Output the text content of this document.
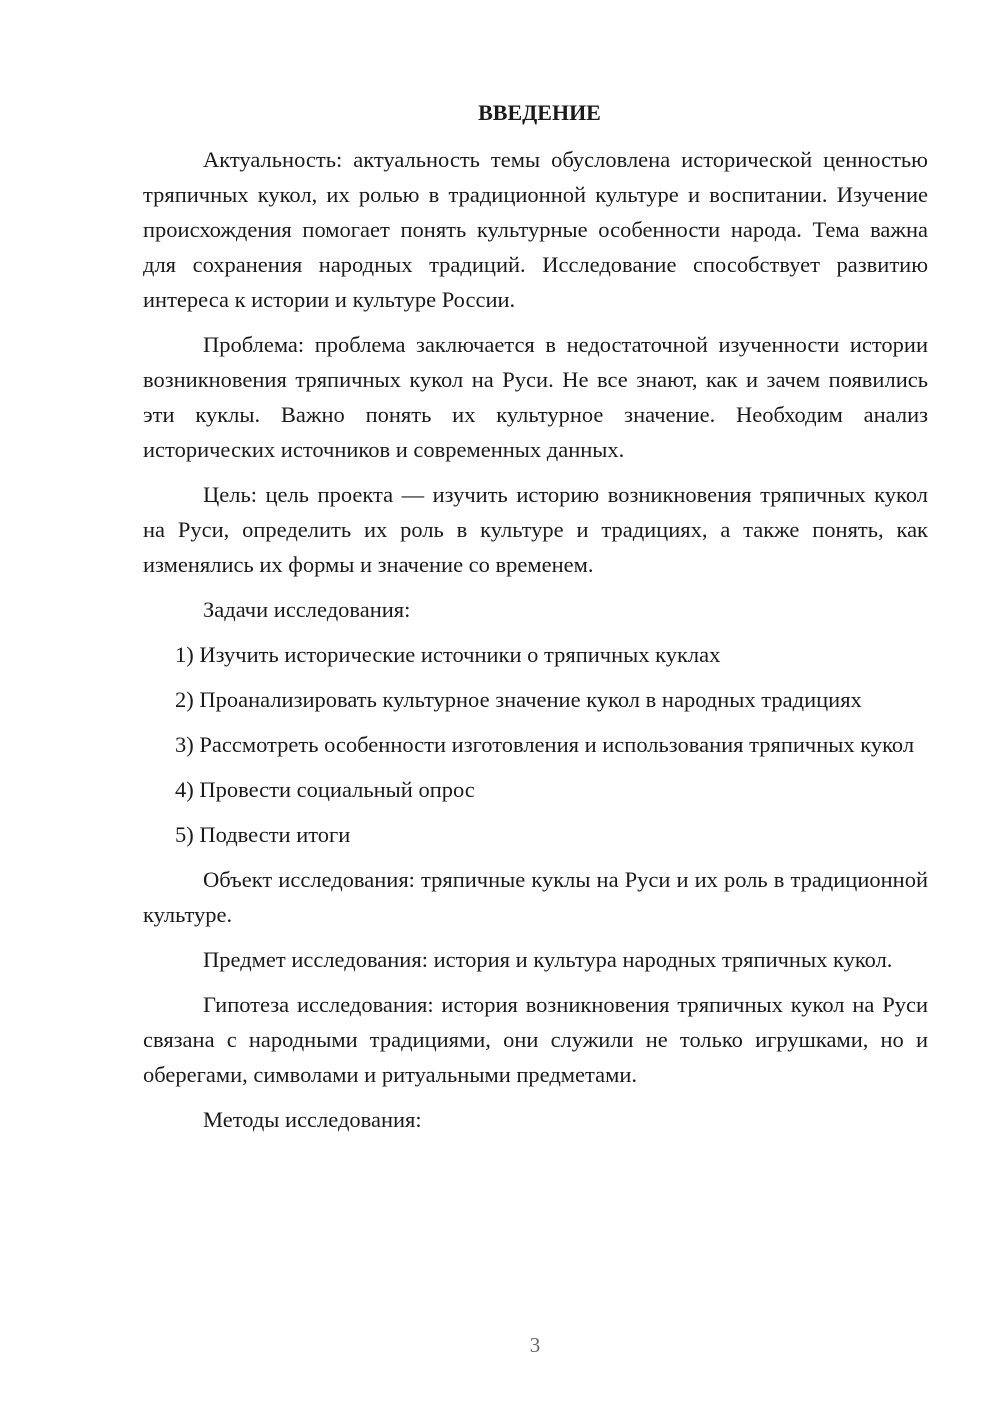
ВВЕДЕНИЕ

Актуальность: актуальность темы обусловлена исторической ценностью тряпичных кукол, их ролью в традиционной культуре и воспитании. Изучение происхождения помогает понять культурные особенности народа. Тема важна для сохранения народных традиций. Исследование способствует развитию интереса к истории и культуре России.

Проблема: проблема заключается в недостаточной изученности истории возникновения тряпичных кукол на Руси. Не все знают, как и зачем появились эти куклы. Важно понять их культурное значение. Необходим анализ исторических источников и современных данных.

Цель: цель проекта — изучить историю возникновения тряпичных кукол на Руси, определить их роль в культуре и традициях, а также понять, как изменялись их формы и значение со временем.

Задачи исследования:

1) Изучить исторические источники о тряпичных куклах

2) Проанализировать культурное значение кукол в народных традициях

3) Рассмотреть особенности изготовления и использования тряпичных кукол

4) Провести социальный опрос

5) Подвести итоги

Объект исследования: тряпичные куклы на Руси и их роль в традиционной культуре.

Предмет исследования: история и культура народных тряпичных кукол.

Гипотеза исследования: история возникновения тряпичных кукол на Руси связана с народными традициями, они служили не только игрушками, но и оберегами, символами и ритуальными предметами.

Методы исследования:

3
